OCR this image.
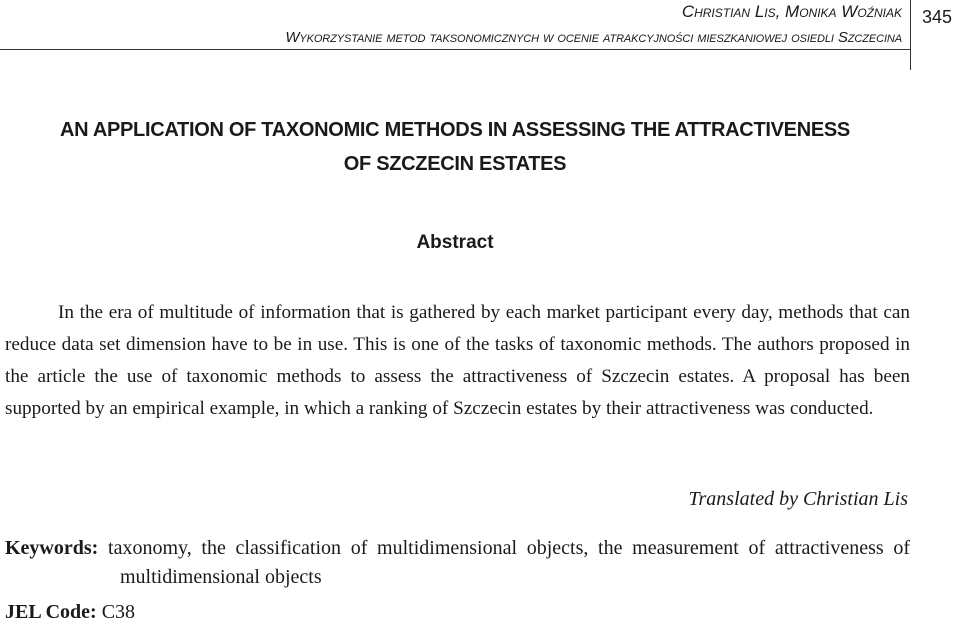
Christian Lis, Monika Woźniak
Wykorzystanie metod taksonomicznych w ocenie atrakcyjności mieszkaniowej osiedli Szczecina
345
AN APPLICATION OF TAXONOMIC METHODS IN ASSESSING THE ATTRACTIVENESS
OF SZCZECIN ESTATES
Abstract

In the era of multitude of information that is gathered by each market participant every day, methods that can reduce data set dimension have to be in use. This is one of the tasks of taxonomic methods. The authors proposed in the article the use of taxonomic methods to assess the attractiveness of Szczecin estates. A proposal has been supported by an empirical example, in which a ranking of Szczecin estates by their attractiveness was conducted.

Translated by Christian Lis
Keywords: taxonomy, the classification of multidimensional objects, the measurement of attractiveness of multidimensional objects
JEL Code: C38
